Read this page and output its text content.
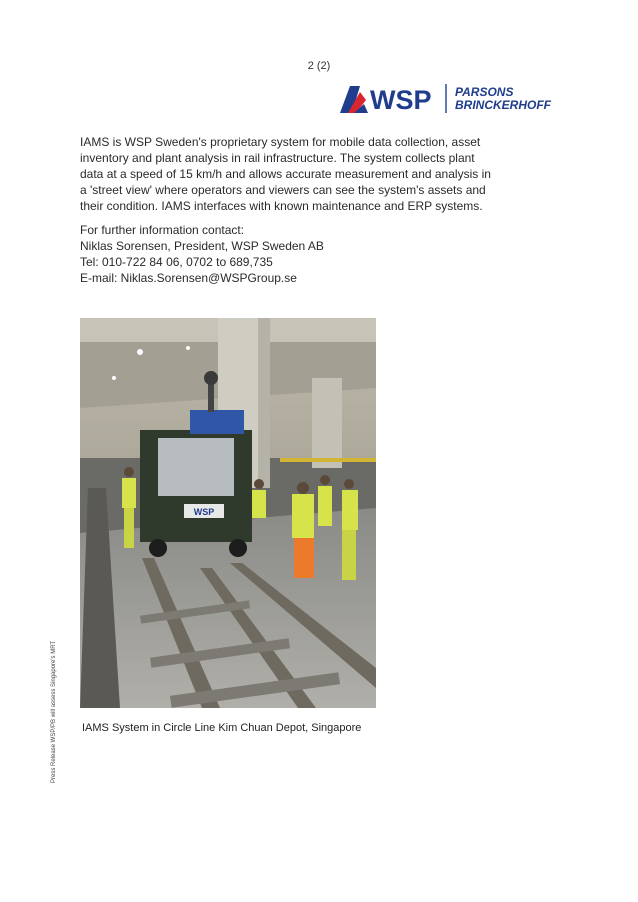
2 (2)
WSP PARSONS
BRINCKERHOFF
IAMS is WSP Sweden's proprietary system for mobile data collection, asset inventory and plant analysis in rail infrastructure. The system collects plant data at a speed of 15 km/h and allows accurate measurement and analysis in a 'street view' where operators and viewers can see the system's assets and their condition. IAMS interfaces with known maintenance and ERP systems.
For further information contact:
Niklas Sorensen, President, WSP Sweden AB
Tel: 010-722 84 06, 0702 to 689,735
E-mail: Niklas.Sorensen@WSPGroup.se
WSP
IAMS System in Circle Line Kim Chuan Depot, Singapore
Press Release WSP/PB will assess Singapore's MRT
